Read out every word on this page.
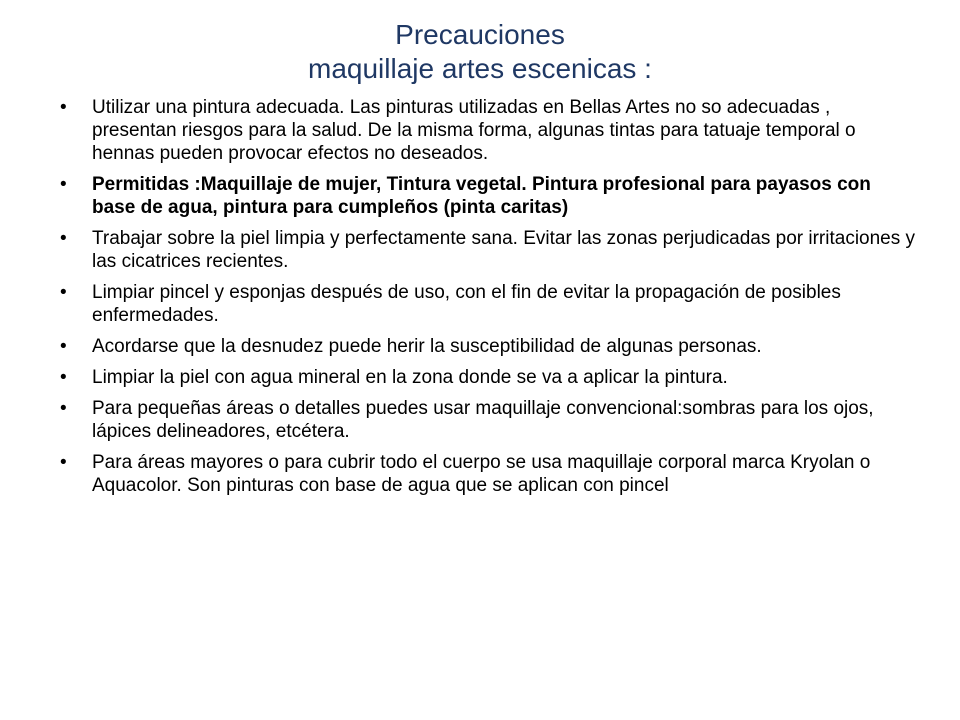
Precauciones
maquillaje artes escenicas :
• Utilizar una pintura adecuada. Las pinturas utilizadas en Bellas Artes no so adecuadas , presentan riesgos para la salud. De la misma forma, algunas tintas para tatuaje temporal o hennas pueden provocar efectos no deseados.
• Permitidas :Maquillaje de mujer, Tintura vegetal. Pintura profesional para payasos con base de agua, pintura para cumpleños (pinta caritas)
• Trabajar sobre la piel limpia y perfectamente sana. Evitar las zonas perjudicadas por irritaciones y las cicatrices recientes.
• Limpiar pincel y esponjas después de uso, con el fin de evitar la propagación de posibles enfermedades.
• Acordarse que la desnudez puede herir la susceptibilidad de algunas personas.
• Limpiar la piel con agua mineral en la zona donde se va a aplicar la pintura.
• Para pequeñas áreas o detalles puedes usar maquillaje convencional:sombras para los ojos, lápices delineadores, etcétera.
• Para áreas mayores o para cubrir todo el cuerpo se usa maquillaje corporal marca Kryolan o Aquacolor. Son pinturas con base de agua que se aplican con pincel
